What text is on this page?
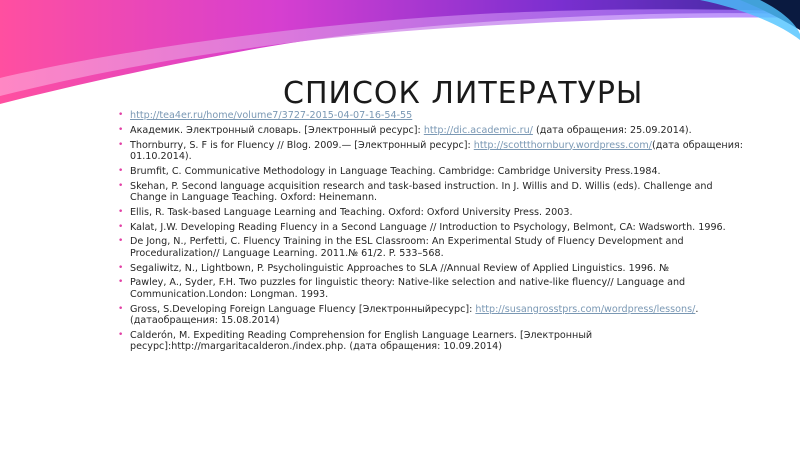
СПИСОК ЛИТЕРАТУРЫ
• http://tea4er.ru/home/volume7/3727-2015-04-07-16-54-55
• Академик. Электронный словарь. [Электронный ресурс]: http://dic.academic.ru/ (дата обращения: 25.09.2014).
• Thornburry, S. F is for Fluency // Blog. 2009.— [Электронный ресурс]: http://scottthornbury.wordpress.com/(дата обращения: 01.10.2014).
• Brumfit, C. Communicative Methodology in Language Teaching. Cambridge: Cambridge University Press.1984.
• Skehan, P. Second language acquisition research and task-based instruction. In J. Willis and D. Willis (eds). Challenge and Change in Language Teaching. Oxford: Heinemann.
• Ellis, R. Task-based Language Learning and Teaching. Oxford: Oxford University Press. 2003.
• Kalat, J.W. Developing Reading Fluency in a Second Language // Introduction to Psychology, Belmont, CA: Wadsworth. 1996.
• De Jong, N., Perfetti, C. Fluency Training in the ESL Classroom: An Experimental Study of Fluency Development and Proceduralization// Language Learning. 2011.№ 61/2. P. 533–568.
• Segaliwitz, N., Lightbown, P. Psycholinguistic Approaches to SLA //Annual Review of Applied Linguistics. 1996. №
• Pawley, A., Syder, F.H. Two puzzles for linguistic theory: Native-like selection and native-like fluency// Language and Communication.London: Longman. 1993.
• Gross, S.Developing Foreign Language Fluency [Электронныйресурс]: http://susangrosstprs.com/wordpress/lessons/. (датаобращения: 15.08.2014)
• Calderón, M. Expediting Reading Comprehension for English Language Learners. [Электронный ресурс]:http://margaritacalderon./index.php. (дата обращения: 10.09.2014)
